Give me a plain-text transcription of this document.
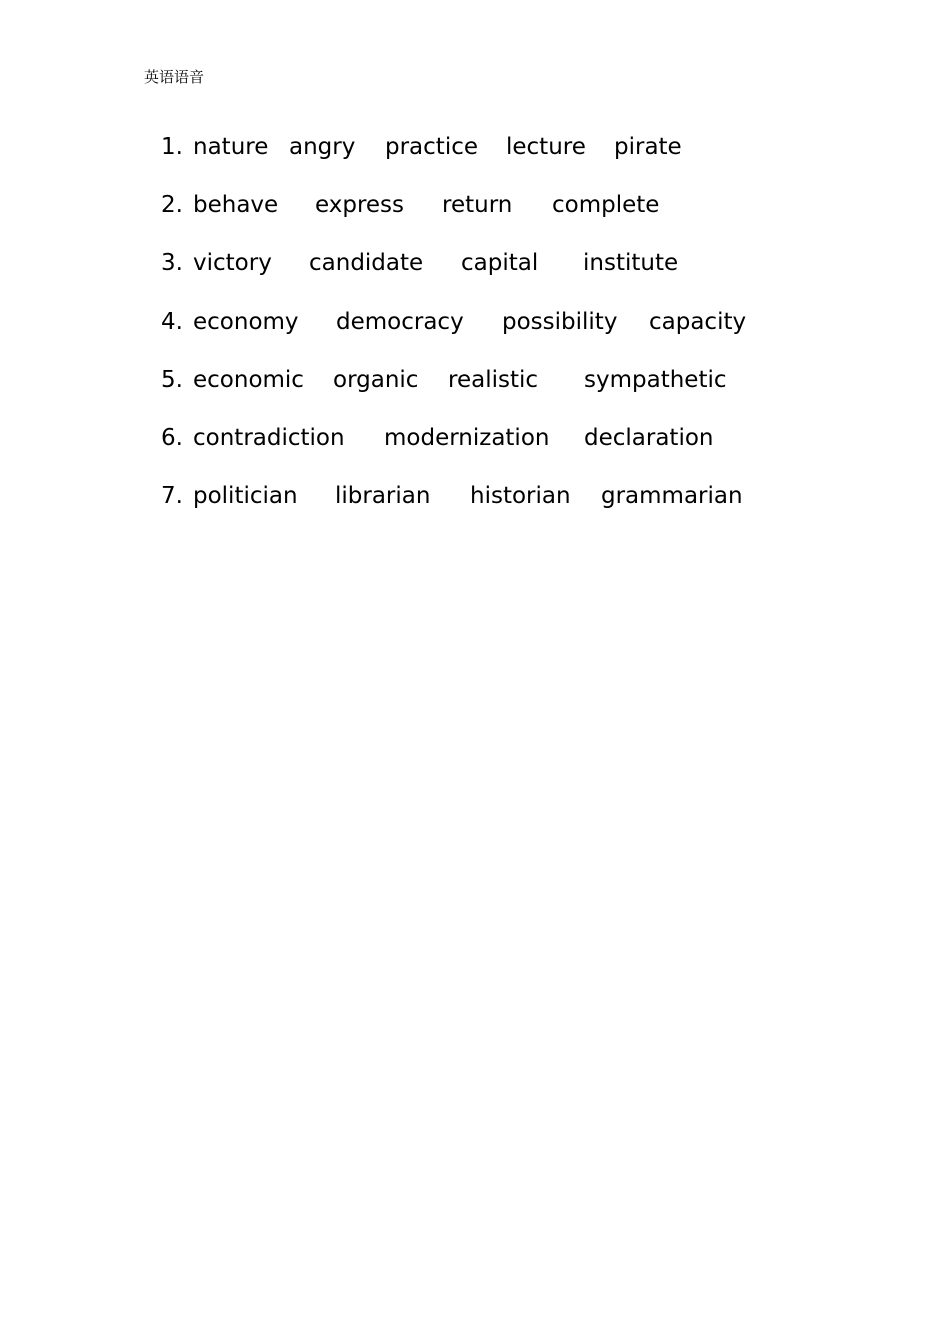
英语语音
1. nature angry practice lecture pirate
2. behave express return complete
3. victory candidate capital institute
4. economy democracy possibility capacity
5. economic organic realistic sympathetic
6. contradiction modernization declaration
7. politician librarian historian grammarian
